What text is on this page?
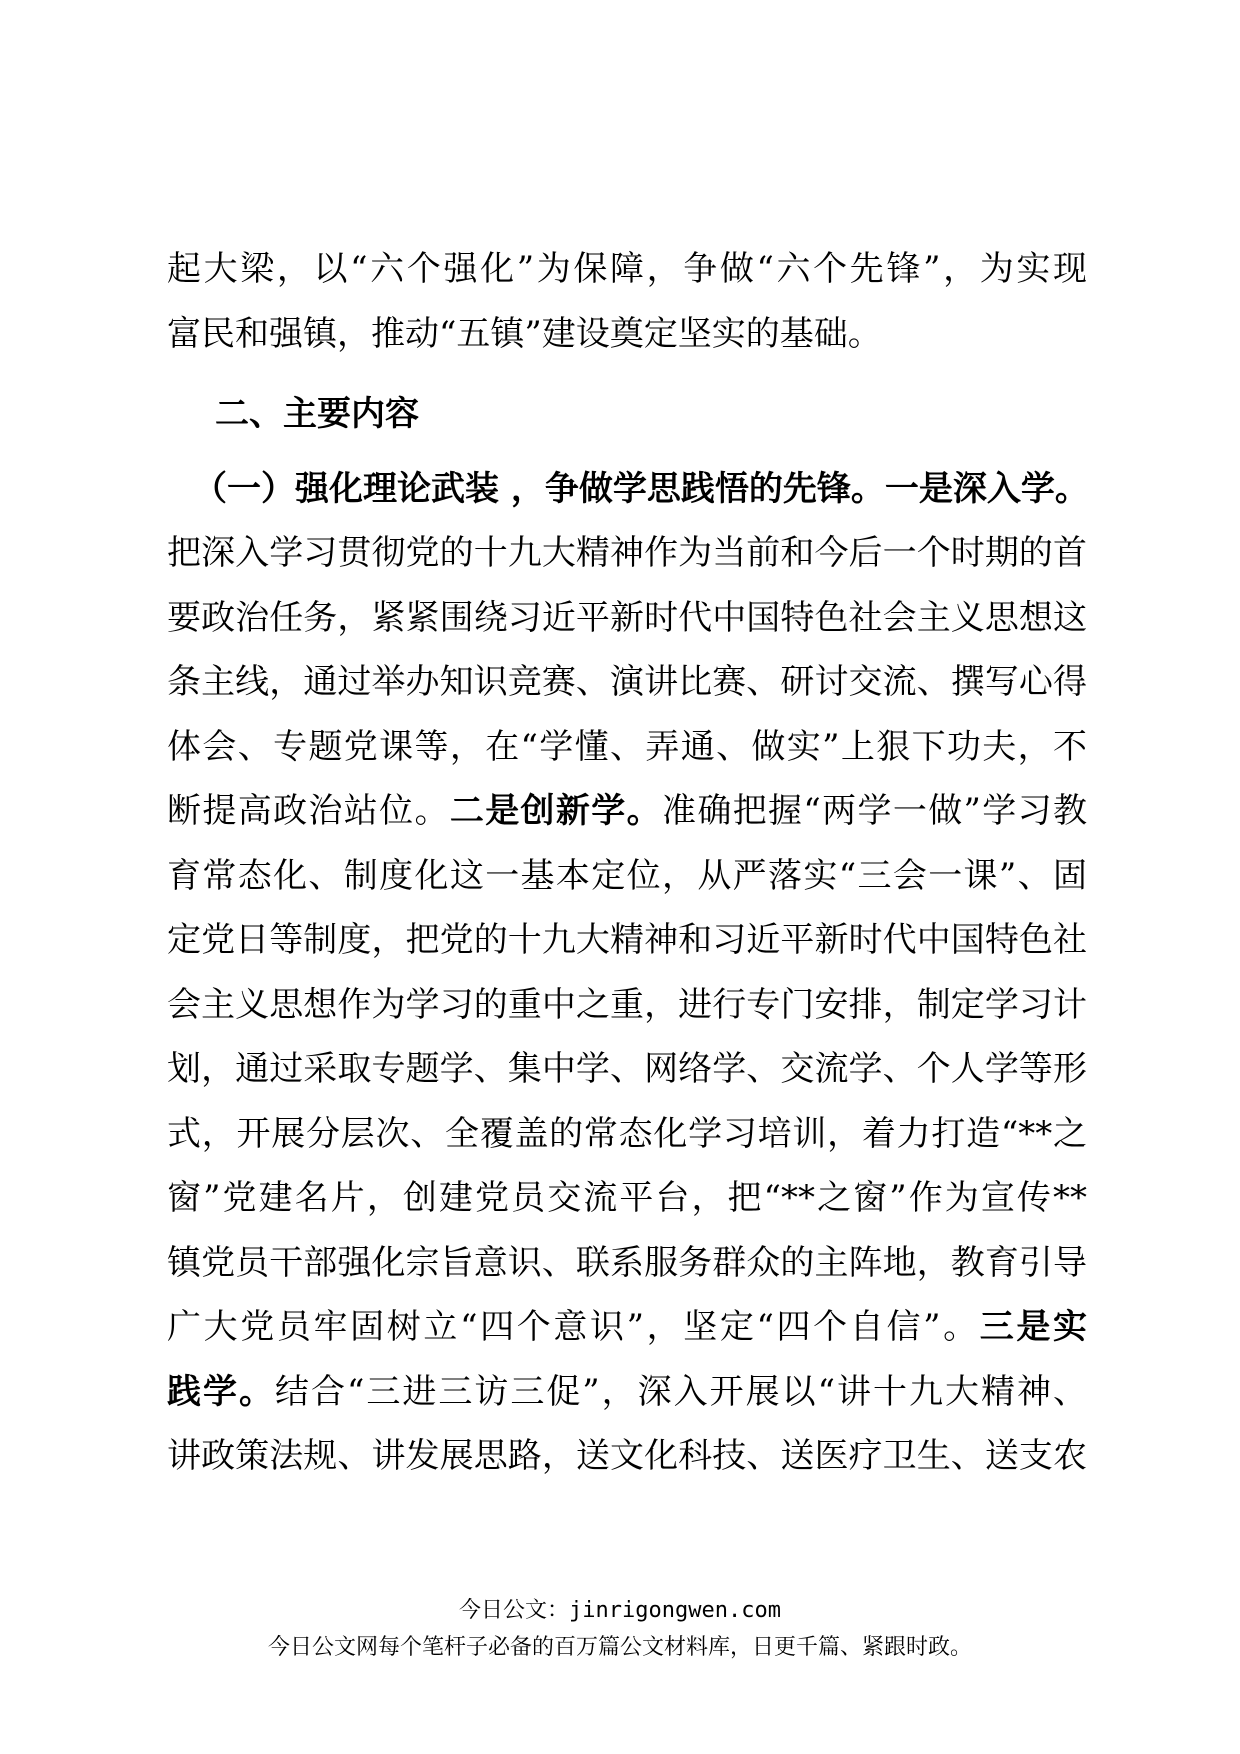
起大梁，以“六个强化”为保障，争做“六个先锋”，为实现
富民和强镇，推动“五镇”建设奠定坚实的基础。
二、主要内容
（一）强化理论武装 ，争做学思践悟的先锋。一是深入学。
把深入学习贯彻党的十九大精神作为当前和今后一个时期的首
要政治任务，紧紧围绕习近平新时代中国特色社会主义思想这
条主线，通过举办知识竞赛、演讲比赛、研讨交流、撰写心得
体会、专题党课等，在“学懂、弄通、做实”上狠下功夫，不
断提高政治站位。二是创新学。准确把握“两学一做”学习教
育常态化、制度化这一基本定位，从严落实“三会一课”、固
定党日等制度，把党的十九大精神和习近平新时代中国特色社
会主义思想作为学习的重中之重，进行专门安排，制定学习计
划，通过采取专题学、集中学、网络学、交流学、个人学等形
式，开展分层次、全覆盖的常态化学习培训，着力打造“**之
窗”党建名片，创建党员交流平台，把“**之窗”作为宣传**
镇党员干部强化宗旨意识、联系服务群众的主阵地，教育引导
广大党员牢固树立“四个意识”，坚定“四个自信”。三是实
践学。结合“三进三访三促”，深入开展以“讲十九大精神、
讲政策法规、讲发展思路，送文化科技、送医疗卫生、送支农
今日公文：jinrigongwen.com
今日公文网每个笔杆子必备的百万篇公文材料库，日更千篇、紧跟时政。
